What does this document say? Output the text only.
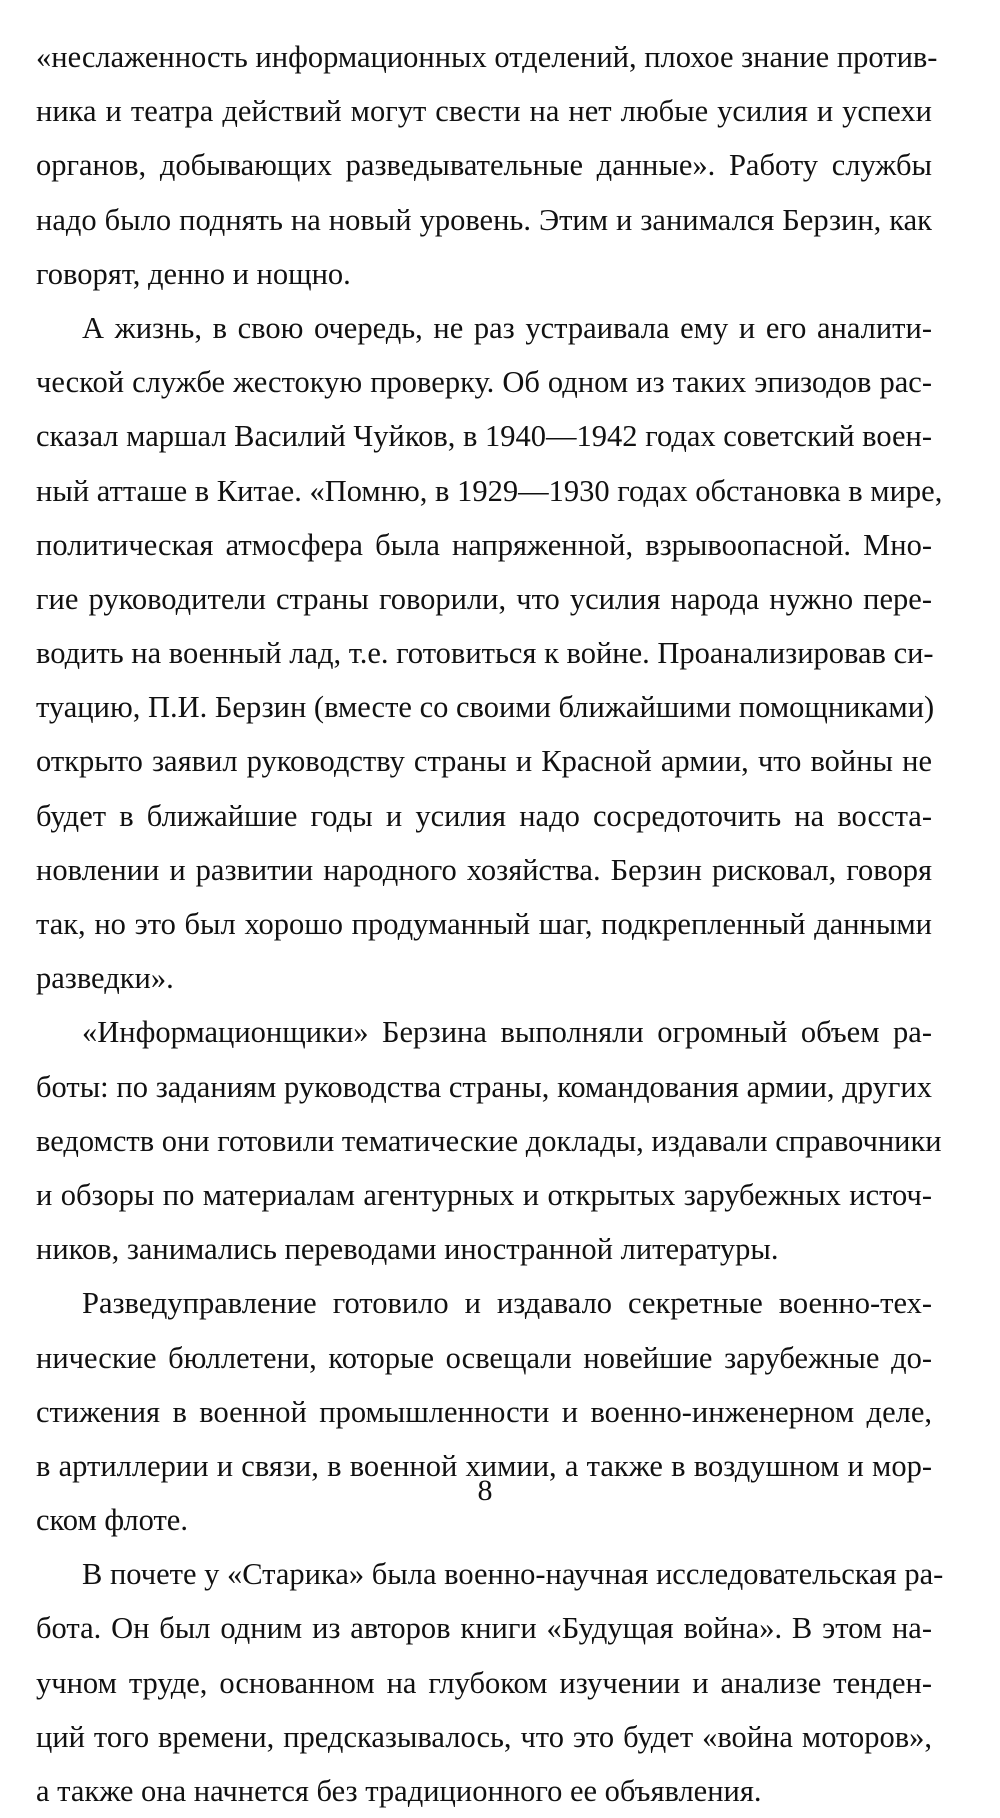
«неслаженность информационных отделений, плохое знание против-
ника и театра действий могут свести на нет любые усилия и успехи
органов, добывающих разведывательные данные». Работу службы
надо было поднять на новый уровень. Этим и занимался Берзин, как
говорят, денно и нощно.
А жизнь, в свою очередь, не раз устраивала ему и его аналити-
ческой службе жестокую проверку. Об одном из таких эпизодов рас-
сказал маршал Василий Чуйков, в 1940—1942 годах советский воен-
ный атташе в Китае. «Помню, в 1929—1930 годах обстановка в мире,
политическая атмосфера была напряженной, взрывоопасной. Мно-
гие руководители страны говорили, что усилия народа нужно пере-
водить на военный лад, т.е. готовиться к войне. Проанализировав си-
туацию, П.И. Берзин (вместе со своими ближайшими помощниками)
открыто заявил руководству страны и Красной армии, что войны не
будет в ближайшие годы и усилия надо сосредоточить на восста-
новлении и развитии народного хозяйства. Берзин рисковал, говоря
так, но это был хорошо продуманный шаг, подкрепленный данными
разведки».
«Информационщики» Берзина выполняли огромный объем ра-
боты: по заданиям руководства страны, командования армии, других
ведомств они готовили тематические доклады, издавали справочники
и обзоры по материалам агентурных и открытых зарубежных источ-
ников, занимались переводами иностранной литературы.
Разведуправление готовило и издавало секретные военно-тех-
нические бюллетени, которые освещали новейшие зарубежные до-
стижения в военной промышленности и военно-инженерном деле,
в артиллерии и связи, в военной химии, а также в воздушном и мор-
ском флоте.
В почете у «Старика» была военно-научная исследовательская ра-
бота. Он был одним из авторов книги «Будущая война». В этом на-
учном труде, основанном на глубоком изучении и анализе тенден-
ций того времени, предсказывалось, что это будет «война моторов»,
а также она начнется без традиционного ее объявления.
8
